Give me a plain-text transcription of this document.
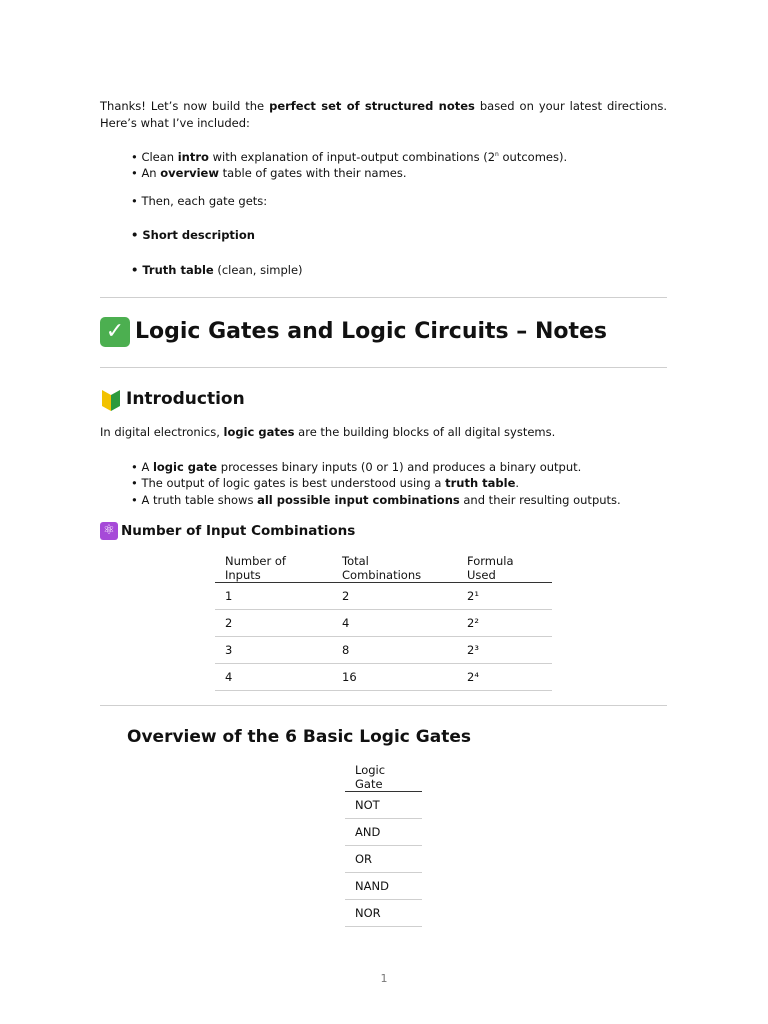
Thanks! Let’s now build the perfect set of structured notes based on your latest directions. Here’s what I’ve included:
• Clean intro with explanation of input-output combinations (2$^n$ outcomes).
• An overview table of gates with their names.
• Then, each gate gets:
• Short description
• Truth table (clean, simple)
✓ Logic Gates and Logic Circuits – Notes
Introduction
In digital electronics, logic gates are the building blocks of all digital systems.
• A logic gate processes binary inputs (0 or 1) and produces a binary output.
• The output of logic gates is best understood using a truth table.
• A truth table shows all possible input combinations and their resulting outputs.
⚛ Number of Input Combinations
Number of Inputs	Total Combinations	Formula Used
1	2	2¹
2	4	2²
3	8	2³
4	16	2⁴
Overview of the 6 Basic Logic Gates
Logic Gate
NOT
AND
OR
NAND
NOR
1
